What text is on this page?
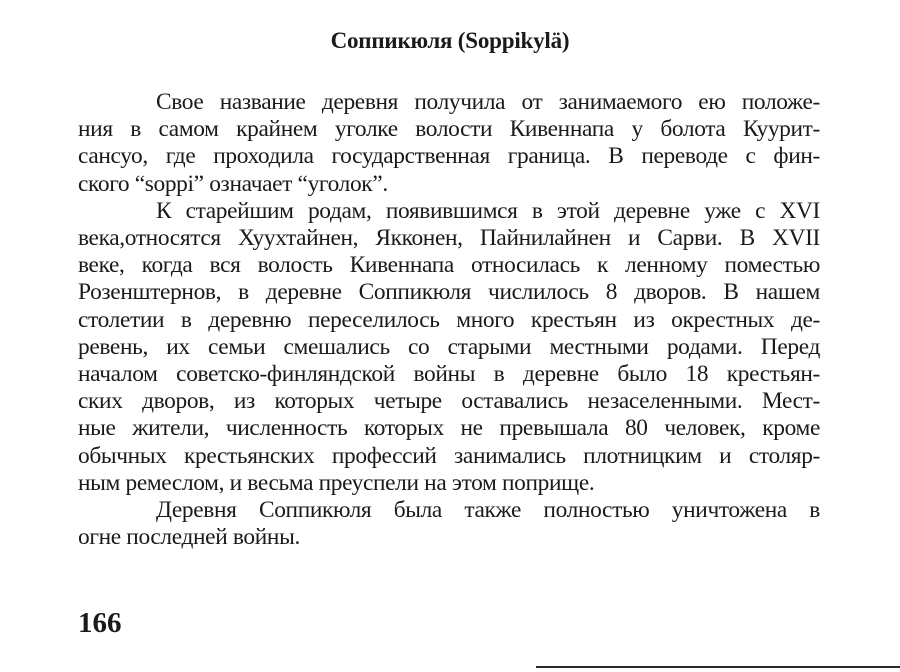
Соппикюля (Soppikylä)

Свое название деревня получила от занимаемого ею положе-
ния в самом крайнем уголке волости Кивеннапа у болота Куурит-
сансуо, где проходила государственная граница. В переводе с фин-
ского “soppi” означает “уголок”.

К старейшим родам, появившимся в этой деревне уже с XVI
века,относятся Хуухтайнен, Якконен, Пайнилайнен и Сарви. В XVII
веке, когда вся волость Кивеннапа относилась к ленному поместью
Розенштернов, в деревне Соппикюля числилось 8 дворов. В нашем
столетии в деревню переселилось много крестьян из окрестных де-
ревень, их семьи смешались со старыми местными родами. Перед
началом советско-финляндской войны в деревне было 18 крестьян-
ских дворов, из которых четыре оставались незаселенными. Мест-
ные жители, численность которых не превышала 80 человек, кроме
обычных крестьянских профессий занимались плотницким и столяр-
ным ремеслом, и весьма преуспели на этом поприще.

Деревня Соппикюля была также полностью уничтожена в
огне последней войны.

166
